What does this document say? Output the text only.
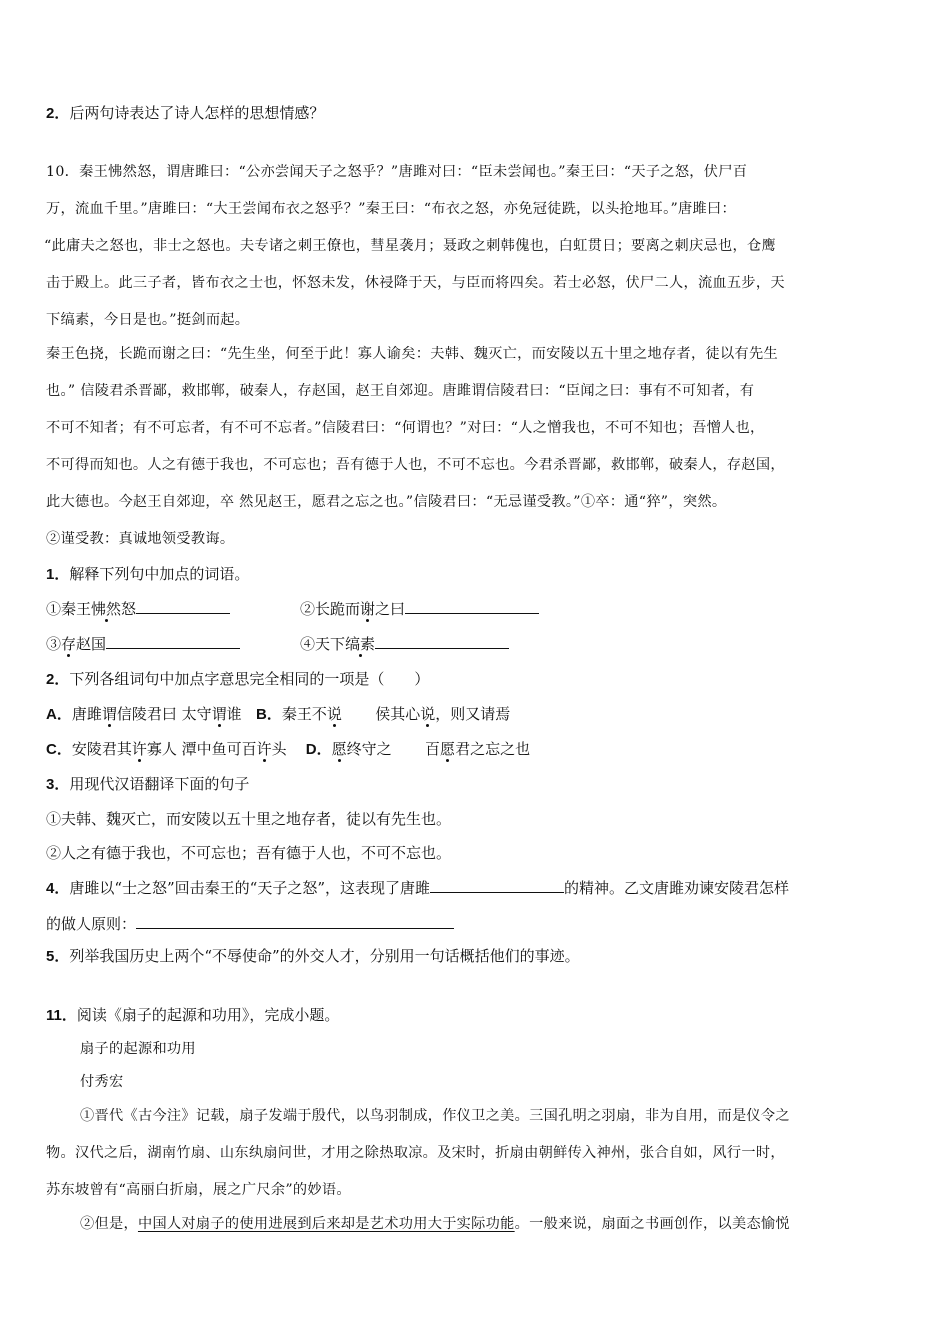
2．后两句诗表达了诗人怎样的思想情感？
10．秦王怫然怒，谓唐雎曰：“公亦尝闻天子之怒乎？”唐雎对曰：“臣未尝闻也。”秦王曰：“天子之怒，伏尸百
万，流血千里。”唐雎曰：“大王尝闻布衣之怒乎？”秦王曰：“布衣之怒，亦免冠徒跣，以头抢地耳。”唐雎曰：
“此庸夫之怒也，非士之怒也。夫专诸之刺王僚也，彗星袭月；聂政之刺韩傀也，白虹贯日；要离之刺庆忌也，仓鹰
击于殿上。此三子者，皆布衣之士也，怀怒未发，休祲降于天，与臣而将四矣。若士必怒，伏尸二人，流血五步，天
下缟素，今日是也。”挺剑而起。
秦王色挠，长跪而谢之曰：“先生坐，何至于此！寡人谕矣：夫韩、魏灭亡，而安陵以五十里之地存者，徒以有先生
也。” 信陵君杀晋鄙，救邯郸，破秦人，存赵国，赵王自郊迎。唐雎谓信陵君曰：“臣闻之曰：事有不可知者，有
不可不知者；有不可忘者，有不可不忘者。”信陵君曰：“何谓也？”对曰：“人之憎我也，不可不知也；吾憎人也，
不可得而知也。人之有德于我也，不可忘也；吾有德于人也，不可不忘也。今君杀晋鄙，救邯郸，破秦人，存赵国，
此大德也。今赵王自郊迎，卒 然见赵王，愿君之忘之也。”信陵君曰：“无忌谨受教。”①卒：通“猝”，突然。
②谨受教：真诚地领受教诲。
1．解释下列句中加点的词语。
①秦王怫然怒	②长跪而谢之曰
③存赵国	④天下缟素
2．下列各组词句中加点字意思完全相同的一项是（　　）
A．唐雎谓信陵君曰 太守谓谁 B．秦王不说 侯其心说，则又请焉
C．安陵君其许寡人 潭中鱼可百许头 D．愿终守之 百愿君之忘之也
3．用现代汉语翻译下面的句子
①夫韩、魏灭亡，而安陵以五十里之地存者，徒以有先生也。
②人之有德于我也，不可忘也；吾有德于人也，不可不忘也。
4．唐雎以“士之怒”回击秦王的“天子之怒”，这表现了唐雎	的精神。乙文唐雎劝谏安陵君怎样
的做人原则：
5．列举我国历史上两个“不辱使命”的外交人才，分别用一句话概括他们的事迹。
11．阅读《扇子的起源和功用》，完成小题。
扇子的起源和功用
付秀宏
①晋代《古今注》记载，扇子发端于殷代，以鸟羽制成，作仪卫之美。三国孔明之羽扇，非为自用，而是仪令之
物。汉代之后，湖南竹扇、山东纨扇问世，才用之除热取凉。及宋时，折扇由朝鲜传入神州，张合自如，风行一时，
苏东坡曾有“高丽白折扇，展之广尺余”的妙语。
②但是，中国人对扇子的使用进展到后来却是艺术功用大于实际功能。一般来说，扇面之书画创作，以美态愉悦
